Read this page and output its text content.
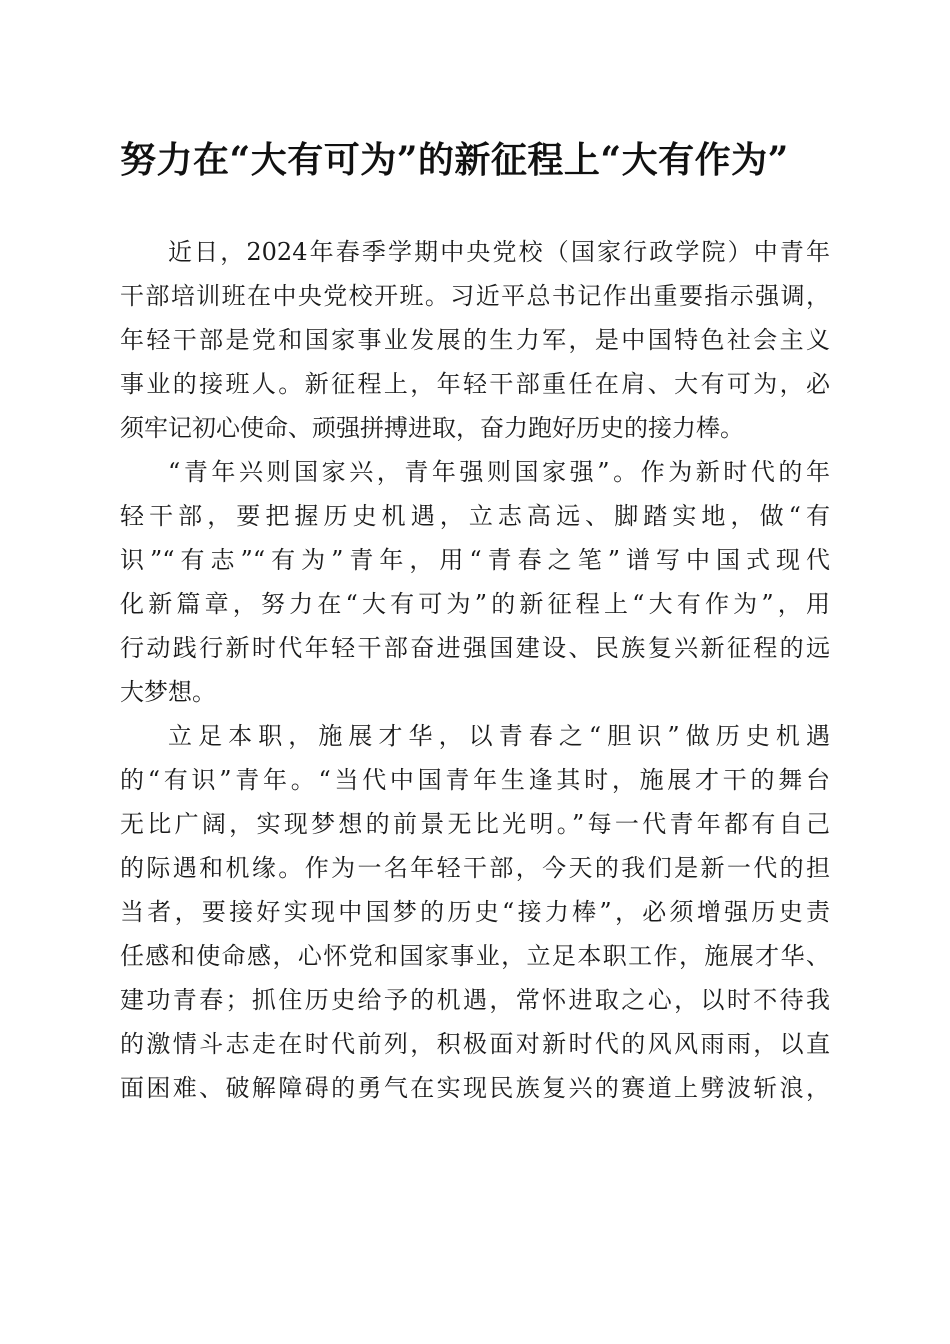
努力在“大有可为”的新征程上“大有作为”

近日，2024年春季学期中央党校（国家行政学院）中青年
干部培训班在中央党校开班。习近平总书记作出重要指示强调，
年轻干部是党和国家事业发展的生力军，是中国特色社会主义
事业的接班人。新征程上，年轻干部重任在肩、大有可为，必
须牢记初心使命、顽强拼搏进取，奋力跑好历史的接力棒。

“青年兴则国家兴，青年强则国家强”。作为新时代的年
轻干部，要把握历史机遇，立志高远、脚踏实地，做“有
识”“有志”“有为”青年，用“青春之笔”谱写中国式现代
化新篇章，努力在“大有可为”的新征程上“大有作为”，用
行动践行新时代年轻干部奋进强国建设、民族复兴新征程的远
大梦想。

立足本职，施展才华，以青春之“胆识”做历史机遇
的“有识”青年。“当代中国青年生逢其时，施展才干的舞台
无比广阔，实现梦想的前景无比光明。”每一代青年都有自己
的际遇和机缘。作为一名年轻干部，今天的我们是新一代的担
当者，要接好实现中国梦的历史“接力棒”，必须增强历史责
任感和使命感，心怀党和国家事业，立足本职工作，施展才华、
建功青春；抓住历史给予的机遇，常怀进取之心，以时不待我
的激情斗志走在时代前列，积极面对新时代的风风雨雨，以直
面困难、破解障碍的勇气在实现民族复兴的赛道上劈波斩浪，
